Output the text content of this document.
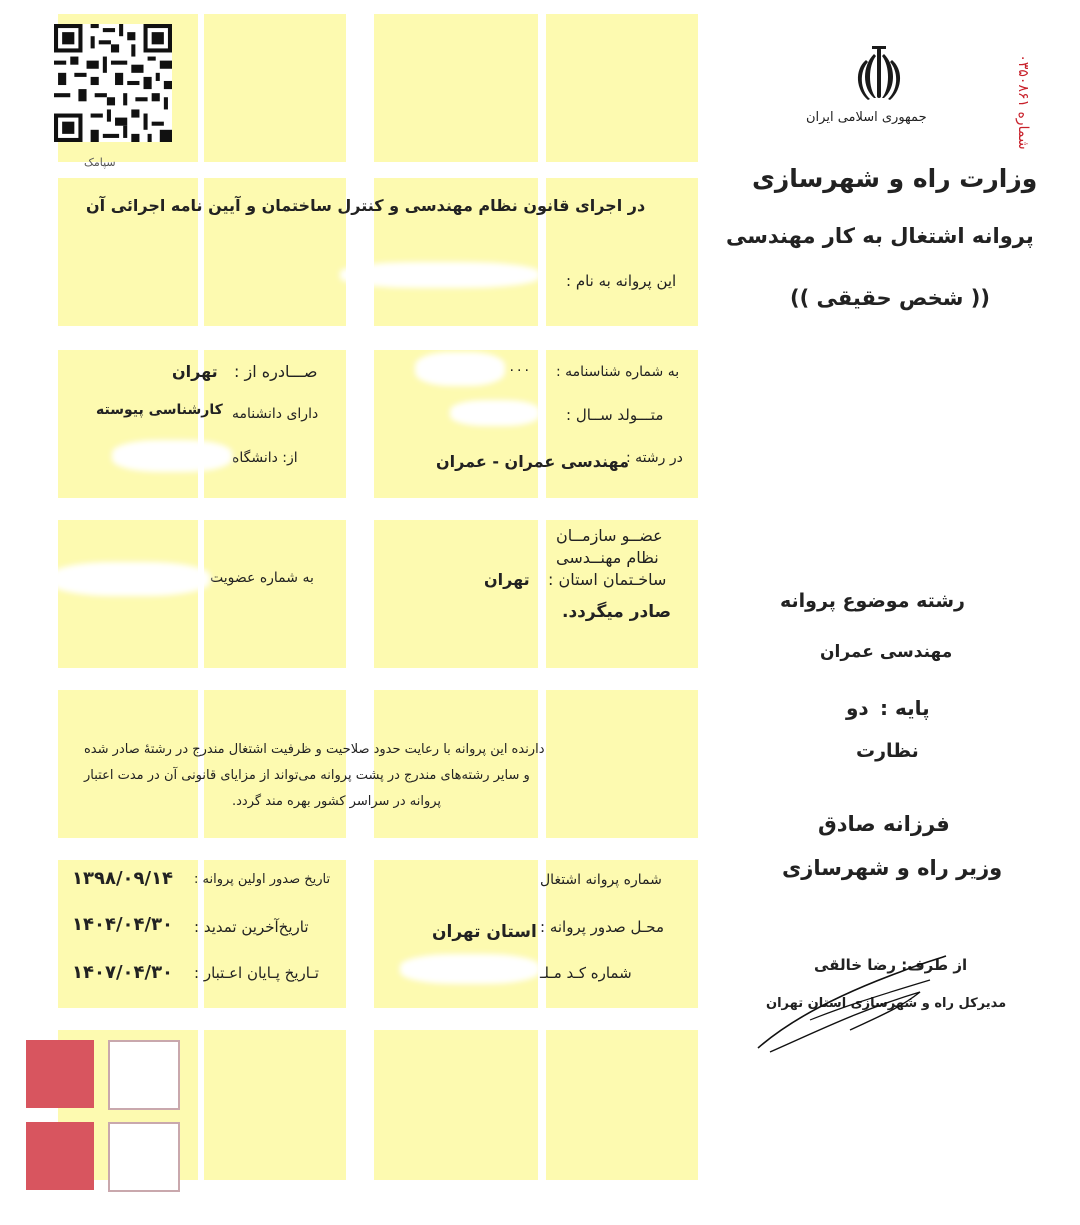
سپامک
جمهوری اسلامی ایران	شماره ۰۳۵۰۸۶۱
وزارت راه و شهرسازی
پروانه اشتغال به کار مهندسی
(( شخص حقیقی ))
در اجرای قانون نظام مهندسی و کنترل ساختمان و آیین نامه اجرائی آن
این پروانه به نام :
به شماره شناسنامه :
۰۰۰
صـــادره از :
تهران
متـــولد ســال :
دارای دانشنامه
کارشناسی پیوسته
در رشته :
مهندسی عمران - عمران
از: دانشگاه
عضــو سازمــان
نظام مهنــدسی
ساخـتمان استان :
تهران
به شماره عضویت
صادر میگردد.	رشته موضوع پروانه
مهندسی عمران
پایه :
دو
نظارت
دارنده این پروانه با رعایت حدود صلاحیت و ظرفیت اشتغال مندرج در رشتهٔ صادر شده
و سایر رشته‌های مندرج در پشت پروانه می‌تواند از مزایای قانونی آن در مدت اعتبار
پروانه در سراسر کشور بهره مند گردد.
فرزانه صادق
وزیر راه و شهرسازی
شماره پروانه اشتغال
محـل صدور پروانه :
استان تهران
شماره کـد مـلـ
تاریخ صدور اولین پروانه :
۱۳۹۸/۰۹/۱۴
تاریخ‌آخرین تمدید :
۱۴۰۴/۰۴/۳۰
تـاریخ پـایان اعـتبار :
۱۴۰۷/۰۴/۳۰	از طرف: رضا خالقی
مدیرکل راه و شهرسازی استان تهران
